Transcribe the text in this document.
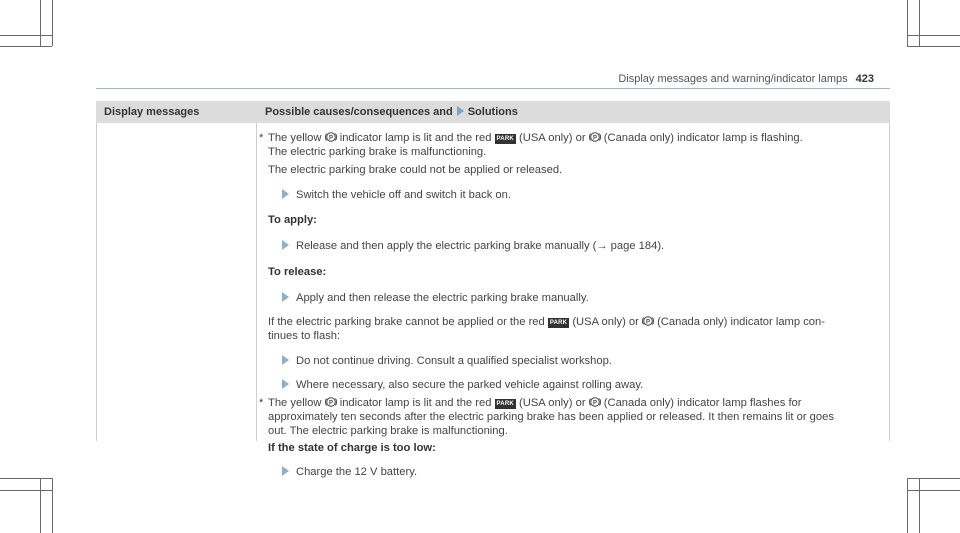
Display messages and warning/indicator lamps 423
Display messages	Possible causes/consequences and Solutions

* The yellow P indicator lamp is lit and the red PARK (USA only) or P (Canada only) indicator lamp is flashing.

The electric parking brake is malfunctioning.

The electric parking brake could not be applied or released.

Switch the vehicle off and switch it back on.

To apply:

Release and then apply the electric parking brake manually (→ page 184).

To release:

Apply and then release the electric parking brake manually.

If the electric parking brake cannot be applied or the red PARK (USA only) or P (Canada only) indicator lamp con-

tinues to flash:

Do not continue driving. Consult a qualified specialist workshop.

Where necessary, also secure the parked vehicle against rolling away.

* The yellow P indicator lamp is lit and the red PARK (USA only) or P (Canada only) indicator lamp flashes for

approximately ten seconds after the electric parking brake has been applied or released. It then remains lit or goes

out. The electric parking brake is malfunctioning.

If the state of charge is too low:

Charge the 12 V battery.
